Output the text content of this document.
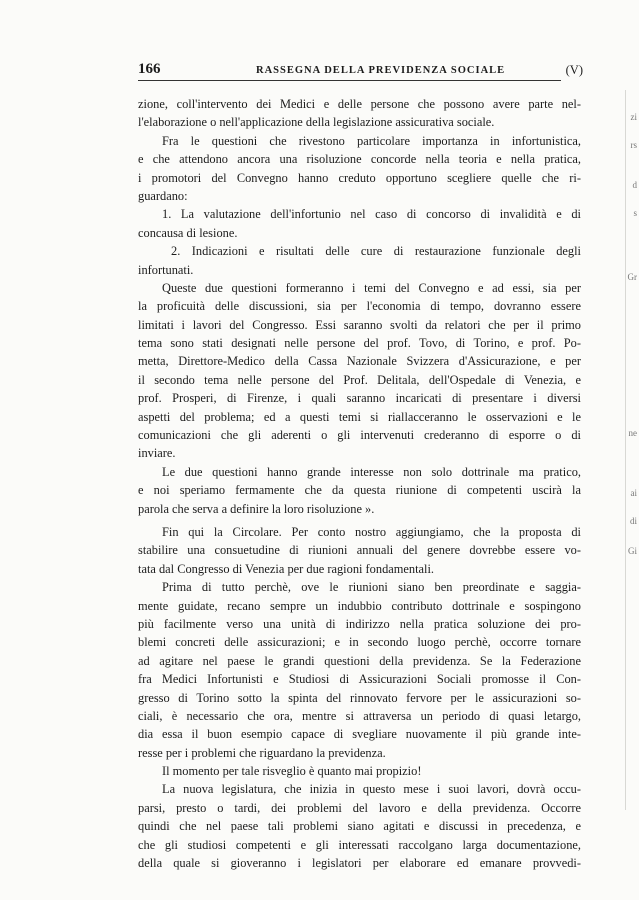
166	RASSEGNA DELLA PREVIDENZA SOCIALE	(V)
zione, coll'intervento dei Medici e delle persone che possono avere parte nel-
l'elaborazione o nell'applicazione della legislazione assicurativa sociale.
Fra le questioni che rivestono particolare importanza in infortunistica,
e che attendono ancora una risoluzione concorde nella teoria e nella pratica,
i promotori del Convegno hanno creduto opportuno scegliere quelle che ri-
guardano:
1. La valutazione dell'infortunio nel caso di concorso di invalidità e di
concausa di lesione.
2. Indicazioni e risultati delle cure di restaurazione funzionale degli
infortunati.
Queste due questioni formeranno i temi del Convegno e ad essi, sia per
la proficuità delle discussioni, sia per l'economia di tempo, dovranno essere
limitati i lavori del Congresso. Essi saranno svolti da relatori che per il primo
tema sono stati designati nelle persone del prof. Tovo, di Torino, e prof. Po-
metta, Direttore-Medico della Cassa Nazionale Svizzera d'Assicurazione, e per
il secondo tema nelle persone del Prof. Delitala, dell'Ospedale di Venezia, e
prof. Prosperi, di Firenze, i quali saranno incaricati di presentare i diversi
aspetti del problema; ed a questi temi si riallacceranno le osservazioni e le
comunicazioni che gli aderenti o gli intervenuti crederanno di esporre o di
inviare.
Le due questioni hanno grande interesse non solo dottrinale ma pratico,
e noi speriamo fermamente che da questa riunione di competenti uscirà la
parola che serva a definire la loro risoluzione ».
Fin qui la Circolare. Per conto nostro aggiungiamo, che la proposta di
stabilire una consuetudine di riunioni annuali del genere dovrebbe essere vo-
tata dal Congresso di Venezia per due ragioni fondamentali.
Prima di tutto perchè, ove le riunioni siano ben preordinate e saggia-
mente guidate, recano sempre un indubbio contributo dottrinale e sospingono
più facilmente verso una unità di indirizzo nella pratica soluzione dei pro-
blemi concreti delle assicurazioni; e in secondo luogo perchè, occorre tornare
ad agitare nel paese le grandi questioni della previdenza. Se la Federazione
fra Medici Infortunisti e Studiosi di Assicurazioni Sociali promosse il Con-
gresso di Torino sotto la spinta del rinnovato fervore per le assicurazioni so-
ciali, è necessario che ora, mentre si attraversa un periodo di quasi letargo,
dia essa il buon esempio capace di svegliare nuovamente il più grande inte-
resse per i problemi che riguardano la previdenza.
Il momento per tale risveglio è quanto mai propizio!
La nuova legislatura, che inizia in questo mese i suoi lavori, dovrà occu-
parsi, presto o tardi, dei problemi del lavoro e della previdenza. Occorre
quindi che nel paese tali problemi siano agitati e discussi in precedenza, e
che gli studiosi competenti e gli interessati raccolgano larga documentazione,
della quale si gioveranno i legislatori per elaborare ed emanare provvedi-
zi
rs
d
s
Gr
ne
ai
di
Gi
